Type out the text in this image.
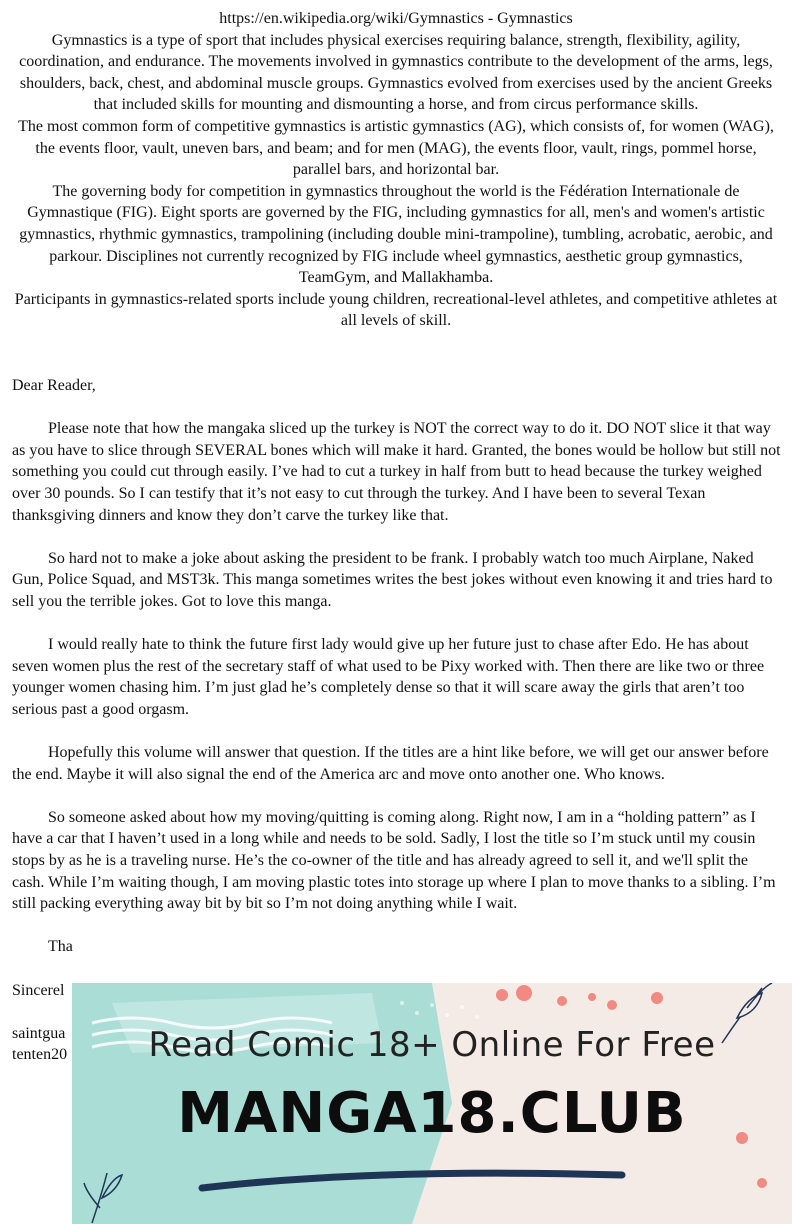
https://en.wikipedia.org/wiki/Gymnastics - Gymnastics

Gymnastics is a type of sport that includes physical exercises requiring balance, strength, flexibility, agility, coordination, and endurance. The movements involved in gymnastics contribute to the development of the arms, legs, shoulders, back, chest, and abdominal muscle groups. Gymnastics evolved from exercises used by the ancient Greeks that included skills for mounting and dismounting a horse, and from circus performance skills.

The most common form of competitive gymnastics is artistic gymnastics (AG), which consists of, for women (WAG), the events floor, vault, uneven bars, and beam; and for men (MAG), the events floor, vault, rings, pommel horse, parallel bars, and horizontal bar.

The governing body for competition in gymnastics throughout the world is the Fédération Internationale de Gymnastique (FIG). Eight sports are governed by the FIG, including gymnastics for all, men's and women's artistic gymnastics, rhythmic gymnastics, trampolining (including double mini-trampoline), tumbling, acrobatic, aerobic, and parkour. Disciplines not currently recognized by FIG include wheel gymnastics, aesthetic group gymnastics, TeamGym, and Mallakhamba.

Participants in gymnastics-related sports include young children, recreational-level athletes, and competitive athletes at all levels of skill.

Dear Reader,

Please note that how the mangaka sliced up the turkey is NOT the correct way to do it. DO NOT slice it that way as you have to slice through SEVERAL bones which will make it hard. Granted, the bones would be hollow but still not something you could cut through easily. I’ve had to cut a turkey in half from butt to head because the turkey weighed over 30 pounds. So I can testify that it’s not easy to cut through the turkey. And I have been to several Texan thanksgiving dinners and know they don’t carve the turkey like that.

So hard not to make a joke about asking the president to be frank. I probably watch too much Airplane, Naked Gun, Police Squad, and MST3k. This manga sometimes writes the best jokes without even knowing it and tries hard to sell you the terrible jokes. Got to love this manga.

I would really hate to think the future first lady would give up her future just to chase after Edo. He has about seven women plus the rest of the secretary staff of what used to be Pixy worked with. Then there are like two or three younger women chasing him. I’m just glad he’s completely dense so that it will scare away the girls that aren’t too serious past a good orgasm.

Hopefully this volume will answer that question. If the titles are a hint like before, we will get our answer before the end. Maybe it will also signal the end of the America arc and move onto another one. Who knows.

So someone asked about how my moving/quitting is coming along. Right now, I am in a “holding pattern” as I have a car that I haven’t used in a long while and needs to be sold. Sadly, I lost the title so I’m stuck until my cousin stops by as he is a traveling nurse. He’s the co-owner of the title and has already agreed to sell it, and we'll split the cash. While I’m waiting though, I am moving plastic totes into storage up where I plan to move thanks to a sibling. I’m still packing everything away bit by bit so I’m not doing anything while I wait.

Tha

Sincerel

saintgua

tenten20	Read Comic 18+ Online For Free
MANGA18.CLUB
